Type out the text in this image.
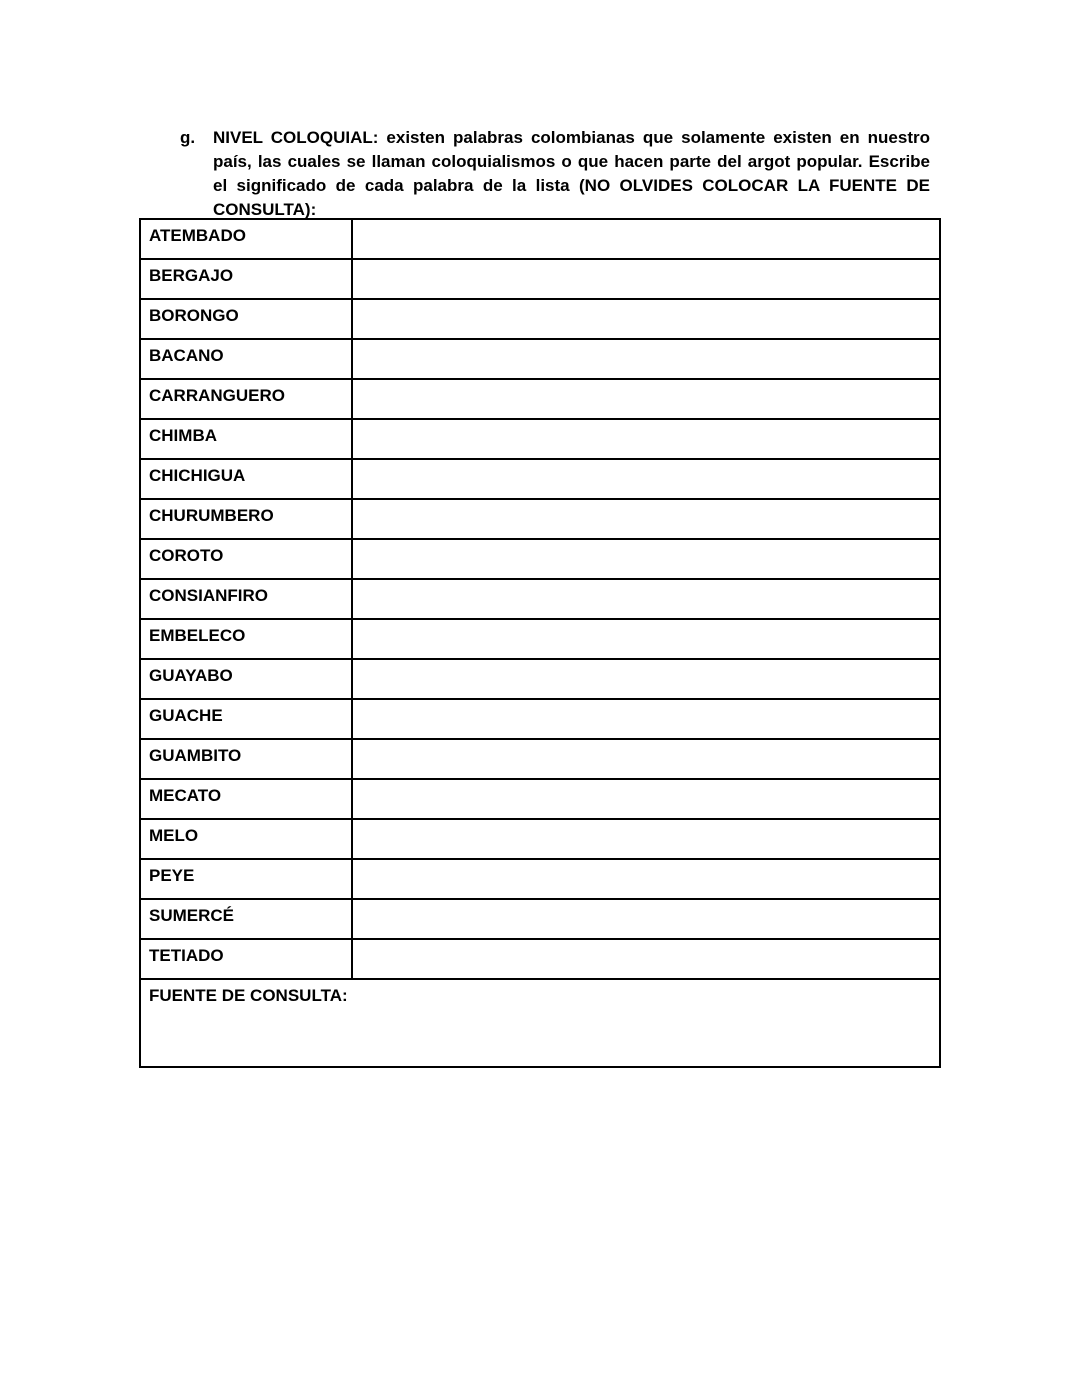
g. NIVEL COLOQUIAL: existen palabras colombianas que solamente existen en nuestro país, las cuales se llaman coloquialismos o que hacen parte del argot popular. Escribe el significado de cada palabra de la lista (NO OLVIDES COLOCAR LA FUENTE DE CONSULTA):
ATEMBADO	
BERGAJO	
BORONGO	
BACANO	
CARRANGUERO	
CHIMBA	
CHICHIGUA	
CHURUMBERO	
COROTO	
CONSIANFIRO	
EMBELECO	
GUAYABO	
GUACHE	
GUAMBITO	
MECATO	
MELO	
PEYE	
SUMERCÉ	
TETIADO	
FUENTE DE CONSULTA:	
